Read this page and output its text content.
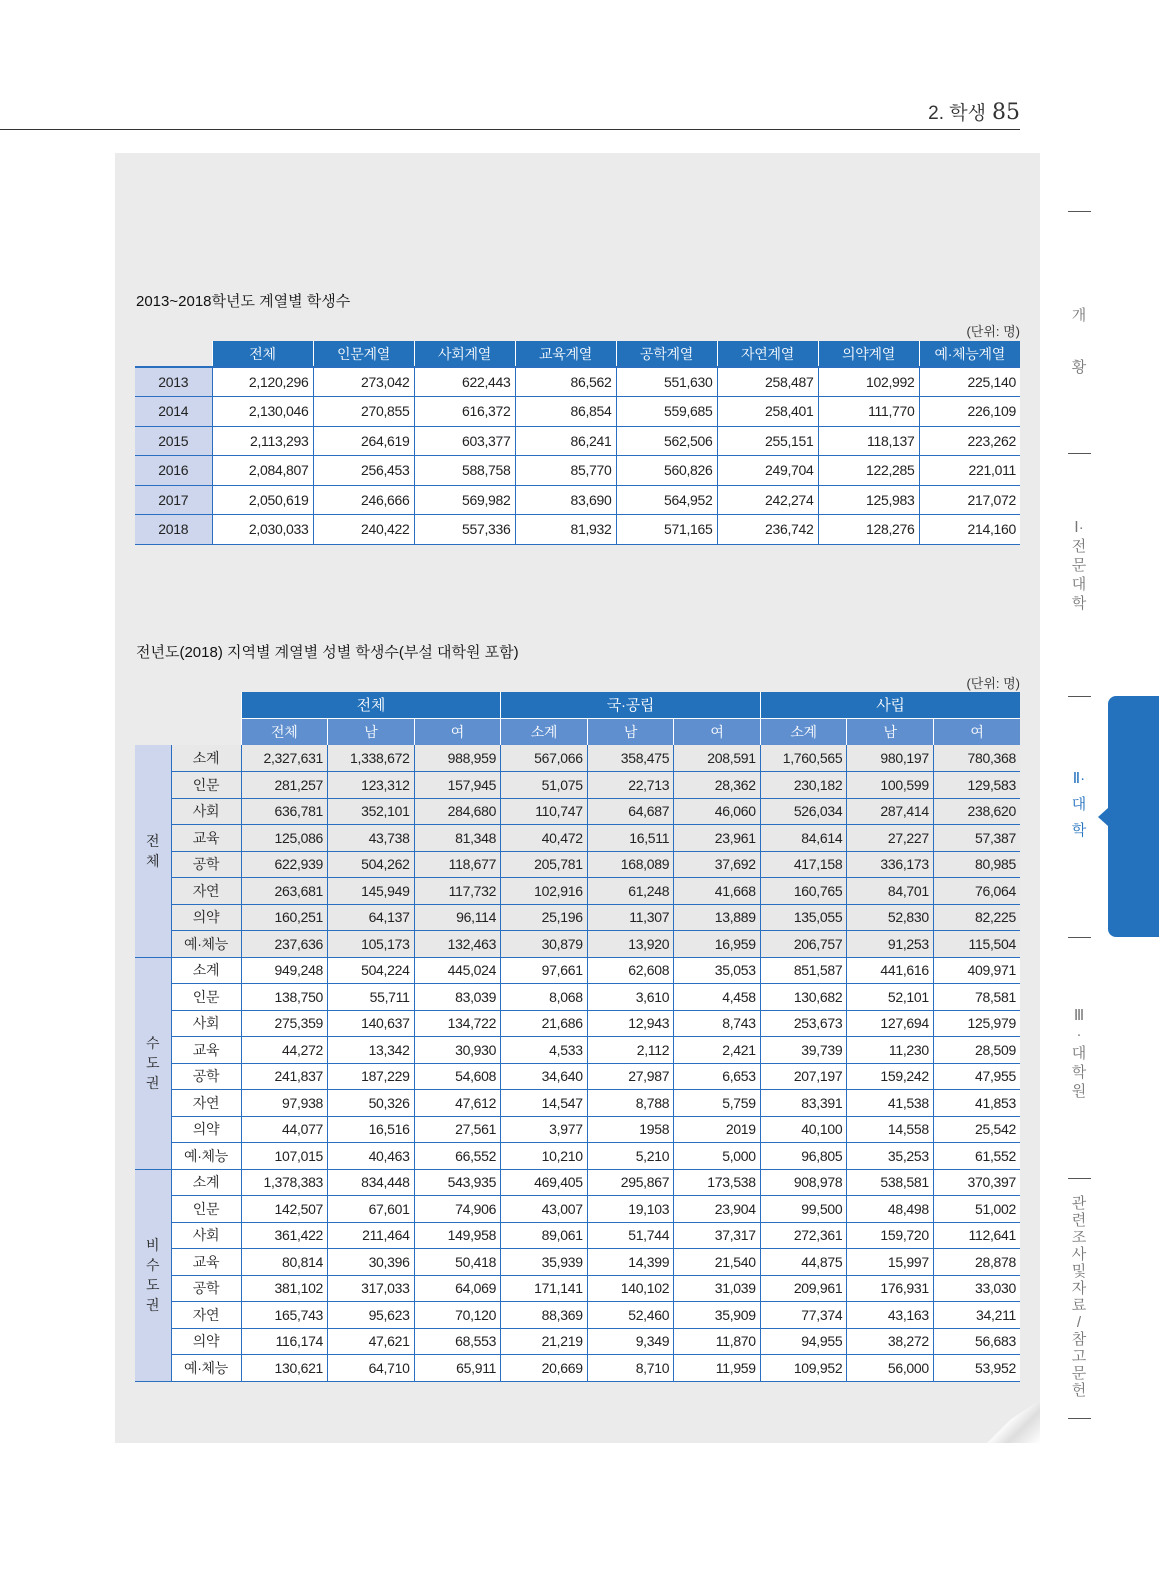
2. 학생 85
2013~2018학년도 계열별 학생수
(단위: 명)
	전체	인문계열	사회계열	교육계열	공학계열	자연계열	의약계열	예·체능계열
2013	2,120,296	273,042	622,443	86,562	551,630	258,487	102,992	225,140
2014	2,130,046	270,855	616,372	86,854	559,685	258,401	111,770	226,109
2015	2,113,293	264,619	603,377	86,241	562,506	255,151	118,137	223,262
2016	2,084,807	256,453	588,758	85,770	560,826	249,704	122,285	221,011
2017	2,050,619	246,666	569,982	83,690	564,952	242,274	125,983	217,072
2018	2,030,033	240,422	557,336	81,932	571,165	236,742	128,276	214,160
전년도(2018) 지역별 계열별 성별 학생수(부설 대학원 포함)
(단위: 명)
		전체			국·공립			사립		
		전체	남	여	소계	남	여	소계	남	여
전체	소계	2,327,631	1,338,672	988,959	567,066	358,475	208,591	1,760,565	980,197	780,368
	인문	281,257	123,312	157,945	51,075	22,713	28,362	230,182	100,599	129,583
	사회	636,781	352,101	284,680	110,747	64,687	46,060	526,034	287,414	238,620
	교육	125,086	43,738	81,348	40,472	16,511	23,961	84,614	27,227	57,387
	공학	622,939	504,262	118,677	205,781	168,089	37,692	417,158	336,173	80,985
	자연	263,681	145,949	117,732	102,916	61,248	41,668	160,765	84,701	76,064
	의약	160,251	64,137	96,114	25,196	11,307	13,889	135,055	52,830	82,225
	예·체능	237,636	105,173	132,463	30,879	13,920	16,959	206,757	91,253	115,504
수도권	소계	949,248	504,224	445,024	97,661	62,608	35,053	851,587	441,616	409,971
	인문	138,750	55,711	83,039	8,068	3,610	4,458	130,682	52,101	78,581
	사회	275,359	140,637	134,722	21,686	12,943	8,743	253,673	127,694	125,979
	교육	44,272	13,342	30,930	4,533	2,112	2,421	39,739	11,230	28,509
	공학	241,837	187,229	54,608	34,640	27,987	6,653	207,197	159,242	47,955
	자연	97,938	50,326	47,612	14,547	8,788	5,759	83,391	41,538	41,853
	의약	44,077	16,516	27,561	3,977	1958	2019	40,100	14,558	25,542
	예·체능	107,015	40,463	66,552	10,210	5,210	5,000	96,805	35,253	61,552
비수도권	소계	1,378,383	834,448	543,935	469,405	295,867	173,538	908,978	538,581	370,397
	인문	142,507	67,601	74,906	43,007	19,103	23,904	99,500	48,498	51,002
	사회	361,422	211,464	149,958	89,061	51,744	37,317	272,361	159,720	112,641
	교육	80,814	30,396	50,418	35,939	14,399	21,540	44,875	15,997	28,878
	공학	381,102	317,033	64,069	171,141	140,102	31,039	209,961	176,931	33,030
	자연	165,743	95,623	70,120	88,369	52,460	35,909	77,374	43,163	34,211
	의약	116,174	47,621	68,553	21,219	9,349	11,870	94,955	38,272	56,683
	예·체능	130,621	64,710	65,911	20,669	8,710	11,959	109,952	56,000	53,952
개황
Ⅰ·전문대학
Ⅱ·대학
Ⅲ·대학원
관련조사 및 자료/참고문헌
